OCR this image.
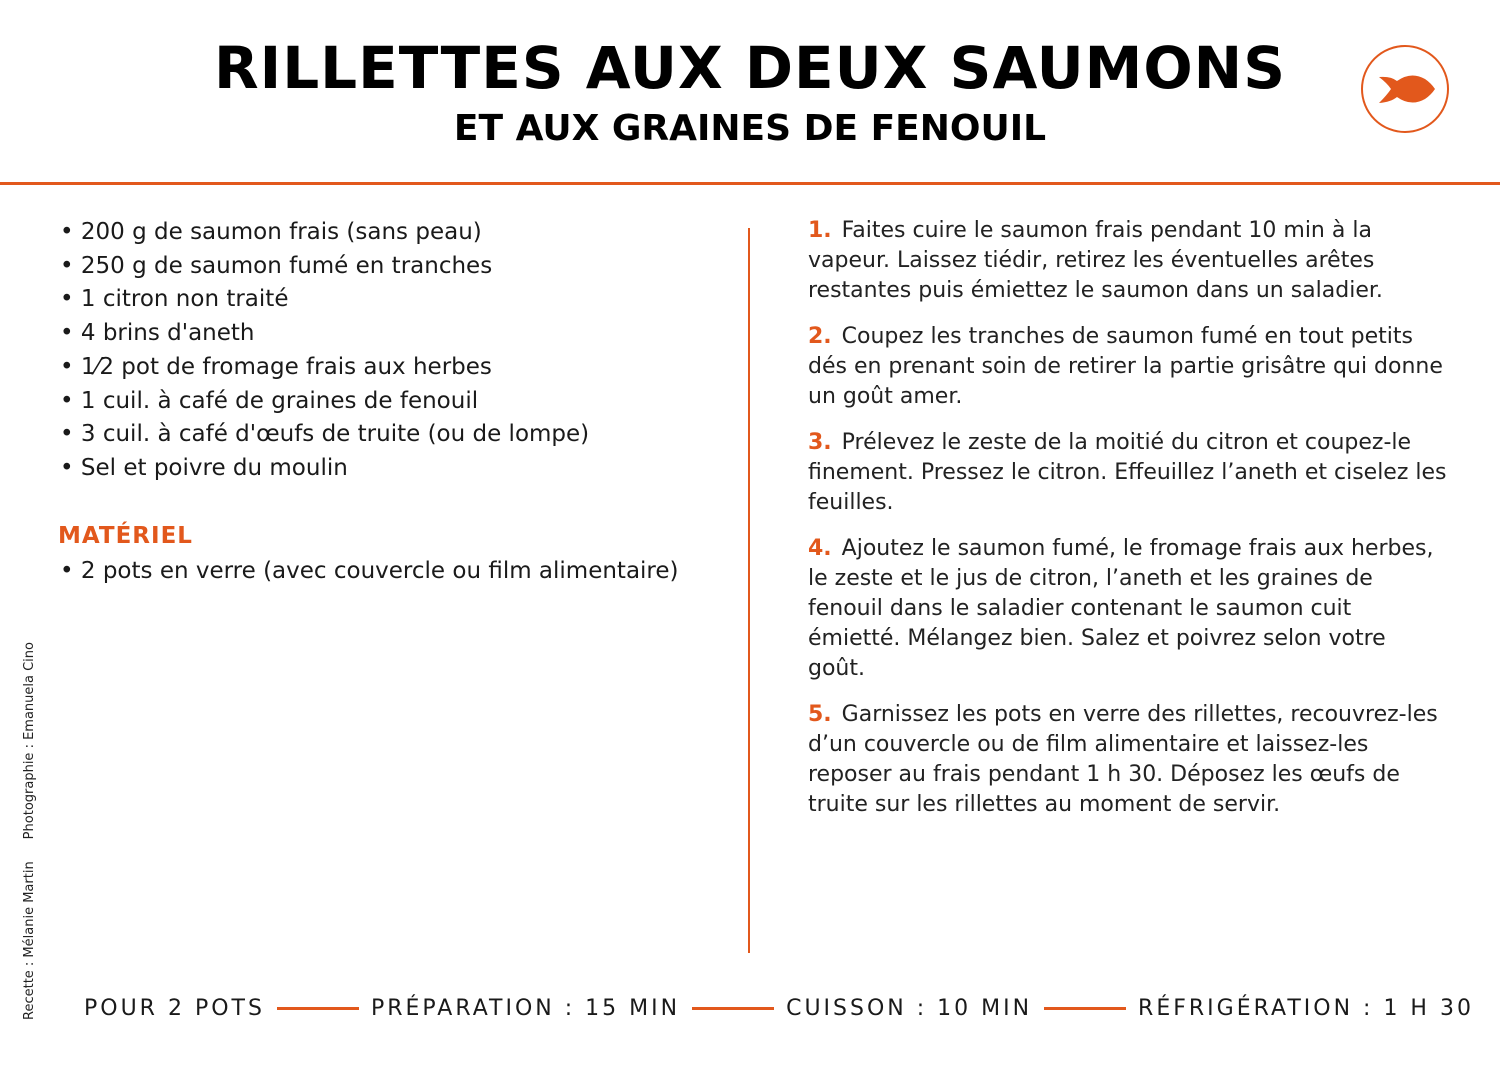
RILLETTES AUX DEUX SAUMONS
ET AUX GRAINES DE FENOUIL
• 200 g de saumon frais (sans peau)
• 250 g de saumon fumé en tranches
• 1 citron non traité
• 4 brins d'aneth
• 1⁄2 pot de fromage frais aux herbes
• 1 cuil. à café de graines de fenouil
• 3 cuil. à café d'œufs de truite (ou de lompe)
• Sel et poivre du moulin
MATÉRIEL
• 2 pots en verre (avec couvercle ou film alimentaire)
1. Faites cuire le saumon frais pendant 10 min à la vapeur. Laissez tiédir, retirez les éventuelles arêtes restantes puis émiettez le saumon dans un saladier.
2. Coupez les tranches de saumon fumé en tout petits dés en prenant soin de retirer la partie grisâtre qui donne un goût amer.
3. Prélevez le zeste de la moitié du citron et coupez-le finement. Pressez le citron. Effeuillez l’aneth et ciselez les feuilles.
4. Ajoutez le saumon fumé, le fromage frais aux herbes, le zeste et le jus de citron, l’aneth et les graines de fenouil dans le saladier contenant le saumon cuit émietté. Mélangez bien. Salez et poivrez selon votre goût.
5. Garnissez les pots en verre des rillettes, recouvrez-les d’un couvercle ou de film alimentaire et laissez-les reposer au frais pendant 1 h 30. Déposez les œufs de truite sur les rillettes au moment de servir.
Recette : Mélanie MartinPhotographie : Emanuela Cino
POUR 2 POTS	PRÉPARATION : 15 MIN	CUISSON : 10 MIN	RÉFRIGÉRATION : 1 H 30
